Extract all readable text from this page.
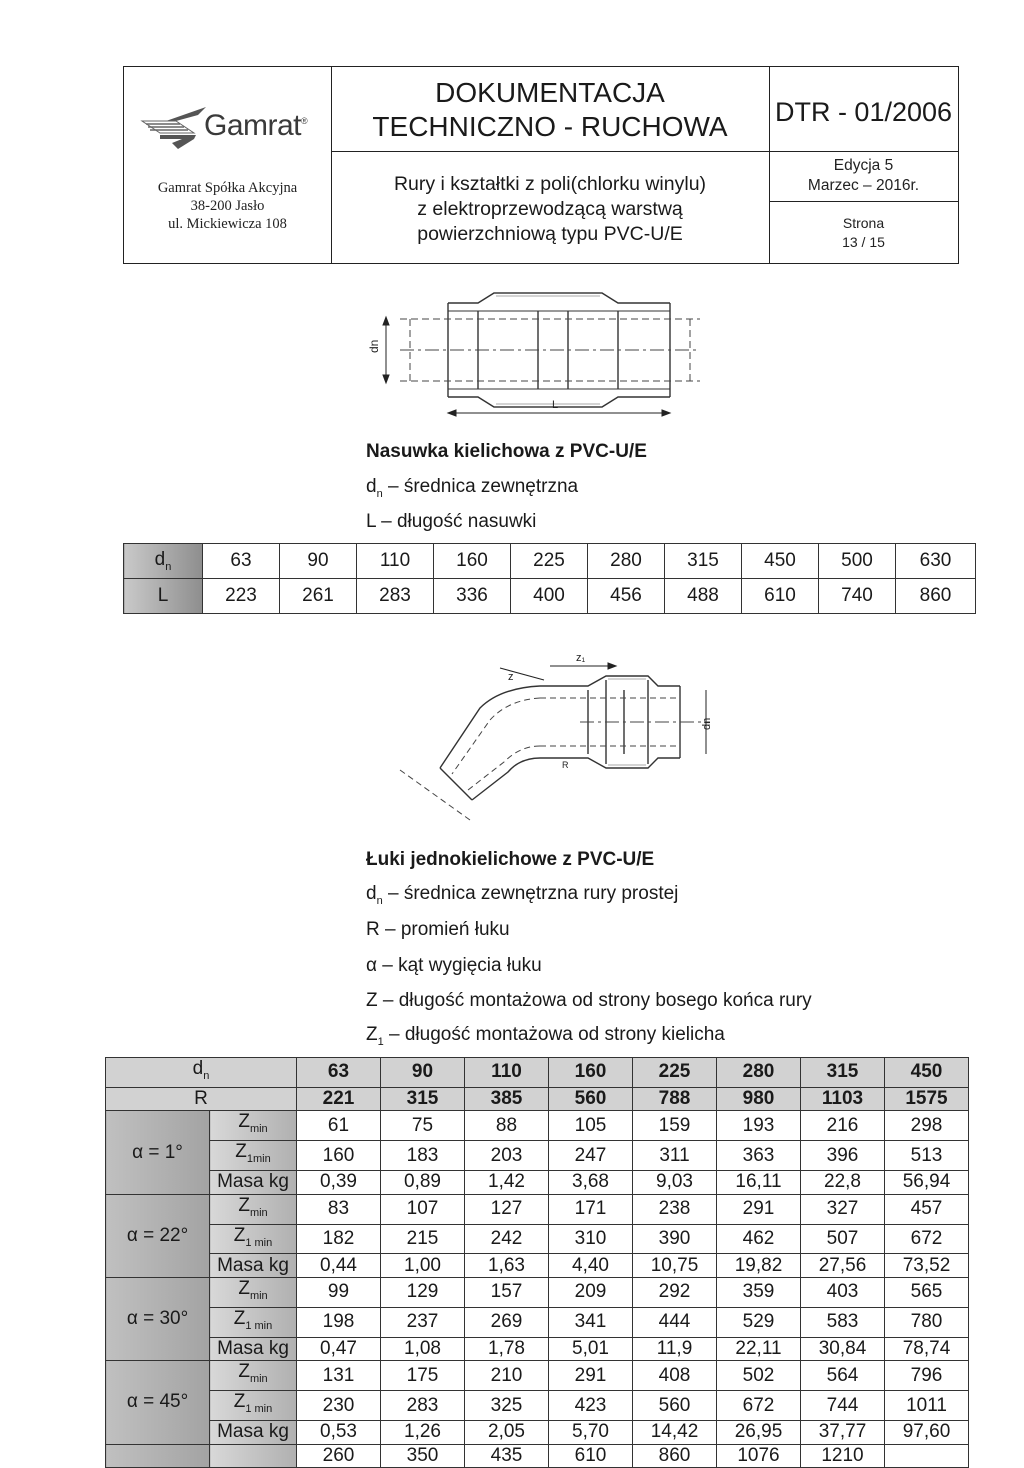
Gamrat®
Gamrat Spółka Akcyjna
38-200 Jasło
ul. Mickiewicza 108
DOKUMENTACJA
TECHNICZNO - RUCHOWA
Rury i kształtki z poli(chlorku winylu)
z elektroprzewodzącą warstwą
powierzchniową typu PVC-U/E
DTR - 01/2006
Edycja 5
Marzec – 2016r.
Strona
13 / 15
dn
L
Nasuwka kielichowa z PVC-U/E
$d_n$ – średnica zewnętrzna
L – długość nasuwki
$d_n$	63	90	110	160	225	280	315	450	500	630
L	223	261	283	336	400	456	488	610	740	860
z₁
z
dn
R
Łuki jednokielichowe z PVC-U/E
$d_n$ – średnica zewnętrzna rury prostej
R – promień łuku
α – kąt wygięcia łuku
Z – długość montażowa od strony bosego końca rury
$Z_1$ – długość montażowa od strony kielicha
$d_n$		63	90	110	160	225	280	315	450
R		221	315	385	560	788	980	1103	1575
α = 1°	$Z_{min}$	61	75	88	105	159	193	216	298
	$Z_{1min}$	160	183	203	247	311	363	396	513
	Masa kg	0,39	0,89	1,42	3,68	9,03	16,11	22,8	56,94
α = 22°	$Z_{min}$	83	107	127	171	238	291	327	457
	$Z_{1 min}$	182	215	242	310	390	462	507	672
	Masa kg	0,44	1,00	1,63	4,40	10,75	19,82	27,56	73,52
α = 30°	$Z_{min}$	99	129	157	209	292	359	403	565
	$Z_{1 min}$	198	237	269	341	444	529	583	780
	Masa kg	0,47	1,08	1,78	5,01	11,9	22,11	30,84	78,74
α = 45°	$Z_{min}$	131	175	210	291	408	502	564	796
	$Z_{1 min}$	230	283	325	423	560	672	744	1011
	Masa kg	0,53	1,26	2,05	5,70	14,42	26,95	37,77	97,60
		260	350	435	610	860	1076	1210	
